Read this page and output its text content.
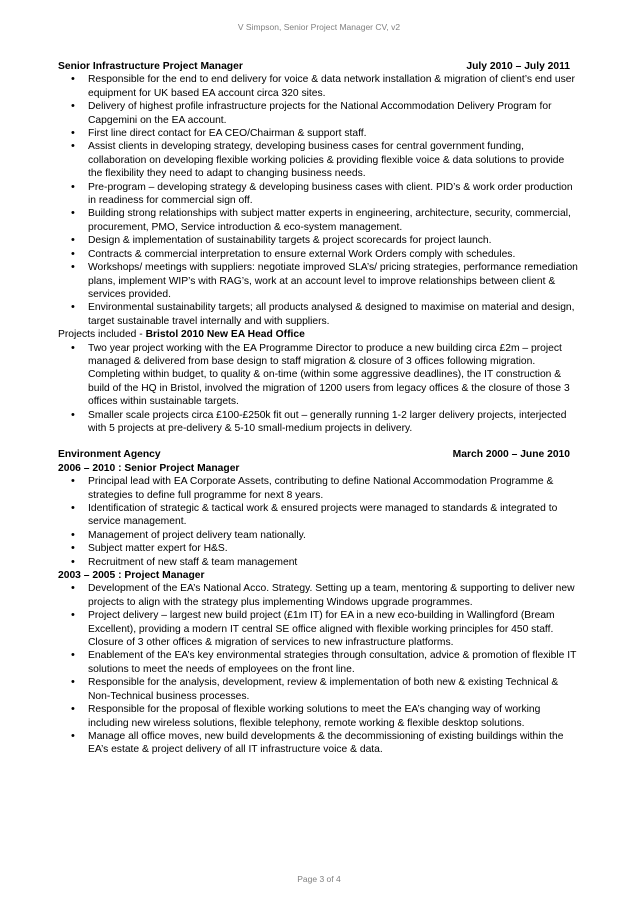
V Simpson, Senior Project Manager CV, v2
Senior Infrastructure Project Manager	July 2010 – July 2011
• Responsible for the end to end delivery for voice & data network installation & migration of client’s end user equipment for UK based EA account circa 320 sites.
• Delivery of highest profile infrastructure projects for the National Accommodation Delivery Program for Capgemini on the EA account.
• First line direct contact for EA CEO/Chairman & support staff.
• Assist clients in developing strategy, developing business cases for central government funding, collaboration on developing flexible working policies & providing flexible voice & data solutions to provide the flexibility they need to adapt to changing business needs.
• Pre-program – developing strategy & developing business cases with client. PID’s & work order production in readiness for commercial sign off.
• Building strong relationships with subject matter experts in engineering, architecture, security, commercial, procurement, PMO, Service introduction & eco-system management.
• Design & implementation of sustainability targets & project scorecards for project launch.
• Contracts & commercial interpretation to ensure external Work Orders comply with schedules.
• Workshops/ meetings with suppliers: negotiate improved SLA’s/ pricing strategies, performance remediation plans, implement WIP’s with RAG’s, work at an account level to improve relationships between client & services provided.
• Environmental sustainability targets; all products analysed & designed to maximise on material and design, target sustainable travel internally and with suppliers.
Projects included - Bristol 2010 New EA Head Office
• Two year project working with the EA Programme Director to produce a new building circa £2m – project managed & delivered from base design to staff migration & closure of 3 offices following migration. Completing within budget, to quality & on-time (within some aggressive deadlines), the IT construction & build of the HQ in Bristol, involved the migration of 1200 users from legacy offices & the closure of those 3 offices within sustainable targets.
• Smaller scale projects circa £100-£250k fit out – generally running 1-2 larger delivery projects, interjected with 5 projects at pre-delivery & 5-10 small-medium projects in delivery.
Environment Agency	March 2000 – June 2010
2006 – 2010 : Senior Project Manager
• Principal lead with EA Corporate Assets, contributing to define National Accommodation Programme & strategies to define full programme for next 8 years.
• Identification of strategic & tactical work & ensured projects were managed to standards & integrated to service management.
• Management of project delivery team nationally.
• Subject matter expert for H&S.
• Recruitment of new staff & team management
2003 – 2005 : Project Manager
• Development of the EA’s National Acco. Strategy. Setting up a team, mentoring & supporting to deliver new projects to align with the strategy plus implementing Windows upgrade programmes.
• Project delivery – largest new build project (£1m IT) for EA in a new eco-building in Wallingford (Bream Excellent), providing a modern IT central SE office aligned with flexible working principles for 450 staff. Closure of 3 other offices & migration of services to new infrastructure platforms.
• Enablement of the EA’s key environmental strategies through consultation, advice & promotion of flexible IT solutions to meet the needs of employees on the front line.
• Responsible for the analysis, development, review & implementation of both new & existing Technical & Non-Technical business processes.
• Responsible for the proposal of flexible working solutions to meet the EA’s changing way of working including new wireless solutions, flexible telephony, remote working & flexible desktop solutions.
• Manage all office moves, new build developments & the decommissioning of existing buildings within the EA’s estate & project delivery of all IT infrastructure voice & data.
Page 3 of 4
